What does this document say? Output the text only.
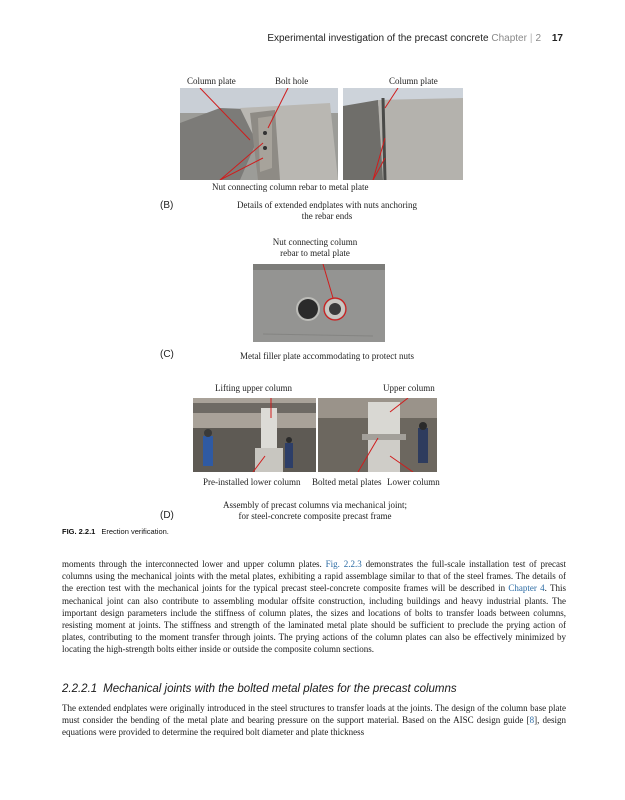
Experimental investigation of the precast concrete Chapter | 2 17
Column plate	Bolt hole	Column plate
Nut connecting column rebar to metal plate
(B)	Details of extended endplates with nuts anchoring
the rebar ends
Nut connecting column
rebar to metal plate
(C)	Metal filler plate accommodating to protect nuts
Lifting upper column	Upper column
Pre-installed lower column Bolted metal plates Lower column
Assembly of precast columns via mechanical joint;
for steel-concrete composite precast frame
(D)
FIG. 2.2.1 Erection verification.
moments through the interconnected lower and upper column plates. Fig. 2.2.3 demonstrates the full-scale installation test of precast columns using the mechanical joints with the metal plates, exhibiting a rapid assemblage similar to that of the steel frames. The details of the erection test with the mechanical joints for the typical precast steel-concrete composite frames will be described in Chapter 4. This mechanical joint can also contribute to assembling modular offsite construction, including buildings and heavy industrial plants. The important design parameters include the stiffness of column plates, the sizes and locations of bolts to transfer loads between columns, resisting moment at joints. The stiffness and strength of the laminated metal plate should be sufficient to preclude the prying action of plates, contributing to the moment transfer through joints. The prying actions of the column plates can also be effectively minimized by locating the high-strength bolts either inside or outside the composite column sections.
2.2.2.1 Mechanical joints with the bolted metal plates for the precast columns
The extended endplates were originally introduced in the steel structures to transfer loads at the joints. The design of the column base plate must consider the bending of the metal plate and bearing pressure on the support material. Based on the AISC design guide [8], design equations were provided to determine the required bolt diameter and plate thickness
